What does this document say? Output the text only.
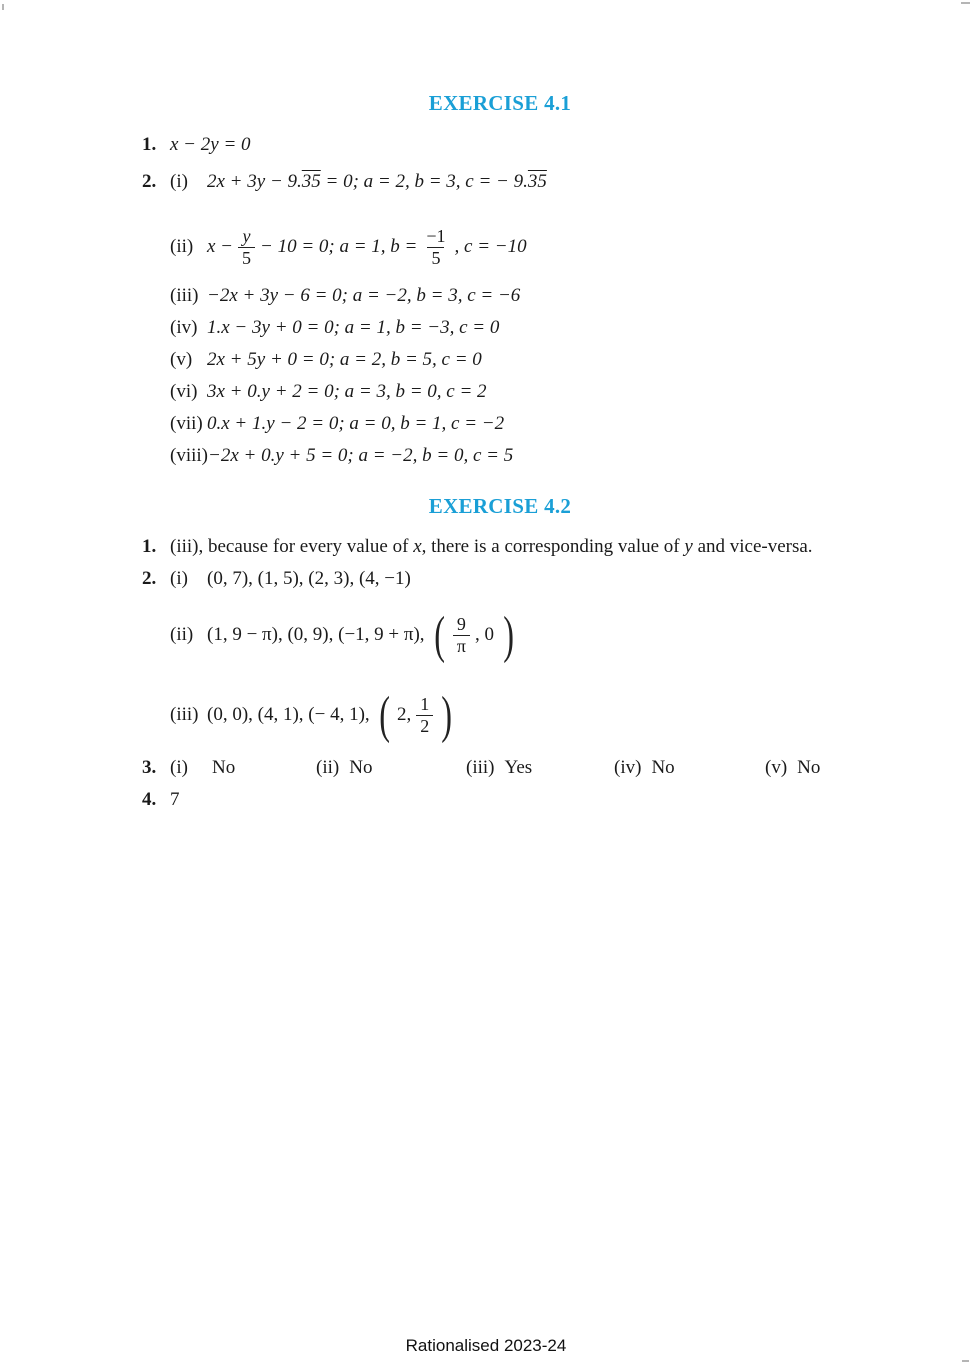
EXERCISE 4.1
1. x − 2y = 0
2. (i)	2x + 3y − 9.35 = 0; a = 2, b = 3, c = − 9.35
(ii) $x - \frac{y}{5} - 10 = 0$; a = 1, $b = \frac{-1}{5}$ , c = −10
(iii) −2x + 3y − 6 = 0; a = −2, b = 3, c = −6
(iv) 1.x − 3y + 0 = 0; a = 1, b = −3, c = 0
(v) 2x + 5y + 0 = 0; a = 2, b = 5, c = 0
(vi) 3x + 0.y + 2 = 0; a = 3, b = 0, c = 2
(vii) 0.x + 1.y − 2 = 0; a = 0, b = 1, c = −2
(viii) −2x + 0.y + 5 = 0; a = −2, b = 0, c = 5
EXERCISE 4.2
1. (iii), because for every value of x, there is a corresponding value of y and vice-versa.
2. (i)	(0, 7), (1, 5), (2, 3), (4, −1)
(ii) (1, 9 − π), (0, 9), (−1, 9 + π), ( $\frac{9}{\pi}$ , 0 )
(iii) (0, 0), (4, 1), (− 4, 1), ( 2, $\frac{1}{2}$ )
3. (i)	No	(ii) No	(iii) Yes	(iv) No	(v) No
4. 7
Rationalised 2023-24
